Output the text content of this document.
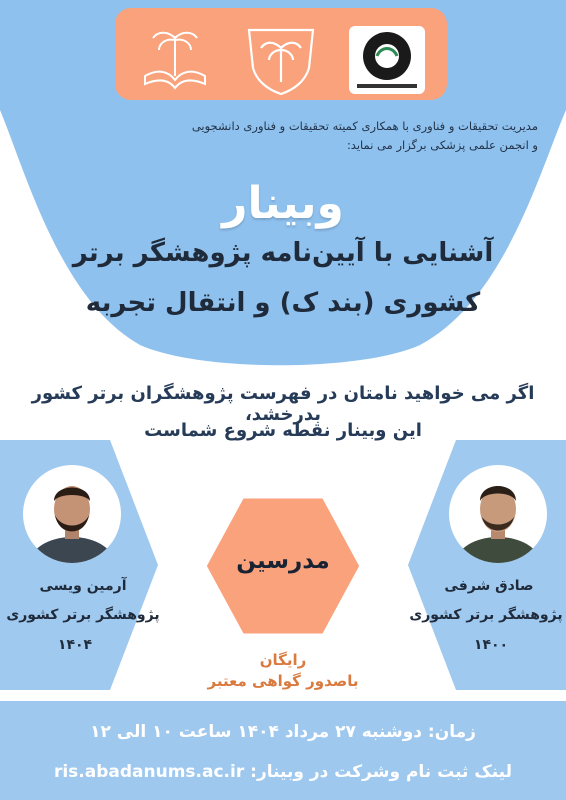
مدیریت تحقیقات و فناوری با همکاری کمیته تحقیقات و فناوری دانشجویی
و انجمن علمی پزشکی برگزار می نماید:
وبینار
آشنایی با آیین‌نامه پژوهشگر برتر
کشوری (بند ک) و انتقال تجربه
اگر می خواهید نامتان در فهرست پژوهشگران برتر کشور بدرخشد،
این وبینار نقطه شروع شماست
آرمین ویسی
پژوهشگر برتر کشوری
۱۴۰۴
صادق شرفی
پژوهشگر برتر کشوری
۱۴۰۰
مدرسین
رایگان
باصدور گواهی معتبر
زمان: دوشنبه ۲۷ مرداد ۱۴۰۴ ساعت ۱۰ الی ۱۲
لینک ثبت نام وشرکت در وبینار: ris.abadanums.ac.ir
